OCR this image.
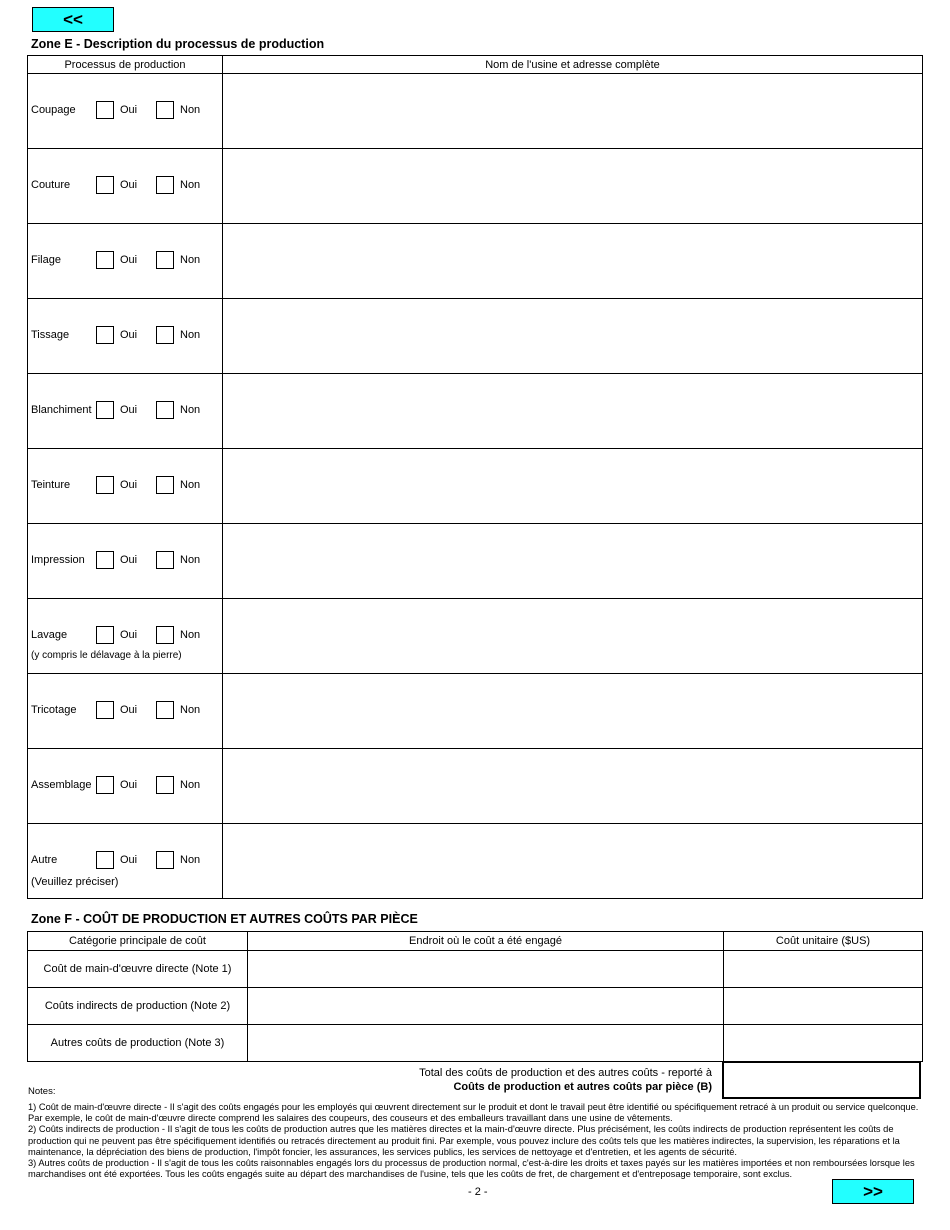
<<
Zone E - Description du processus de production
Processus de production	Nom de l'usine et adresse complète

Coupage Oui Non	

Couture Oui Non	

Filage Oui Non	

Tissage Oui Non	

Blanchiment Oui Non	

Teinture Oui Non	

Impression Oui Non	

Lavage Oui Non
(y compris le délavage à la pierre)	

Tricotage Oui Non	

Assemblage Oui Non	

Autre Oui Non
(Veuillez préciser)	

Zone F - COÛT DE PRODUCTION ET AUTRES COÛTS PAR PIÈCE
Catégorie principale de coût	Endroit où le coût a été engagé	Coût unitaire ($US)
Coût de main-d'œuvre directe (Note 1)		
Coûts indirects de production (Note 2)		
Autres coûts de production (Note 3)		
Total des coûts de production et des autres coûts - reporté à
Coûts de production et autres coûts par pièce (B)
Notes:

1) Coût de main-d'œuvre directe - Il s'agit des coûts engagés pour les employés qui œuvrent directement sur le produit et dont le travail peut être identifié ou spécifiquement retracé à un produit ou service quelconque. Par exemple, le coût de main-d'œuvre directe comprend les salaires des coupeurs, des couseurs et des emballeurs travaillant dans une usine de vêtements.

2) Coûts indirects de production - Il s'agit de tous les coûts de production autres que les matières directes et la main-d'œuvre directe. Plus précisément, les coûts indirects de production représentent les coûts de production qui ne peuvent pas être spécifiquement identifiés ou retracés directement au produit fini. Par exemple, vous pouvez inclure des coûts tels que les matières indirectes, la supervision, les réparations et la maintenance, la dépréciation des biens de production, l'impôt foncier, les assurances, les services publics, les services de nettoyage et d'entretien, et les agents de sécurité.

3) Autres coûts de production - Il s'agit de tous les coûts raisonnables engagés lors du processus de production normal, c'est-à-dire les droits et taxes payés sur les matières importées et non remboursées lorsque les marchandises ont été exportées. Tous les coûts engagés suite au départ des marchandises de l'usine, tels que les coûts de fret, de chargement et d'entreposage temporaire, sont exclus.

- 2 -	>>
